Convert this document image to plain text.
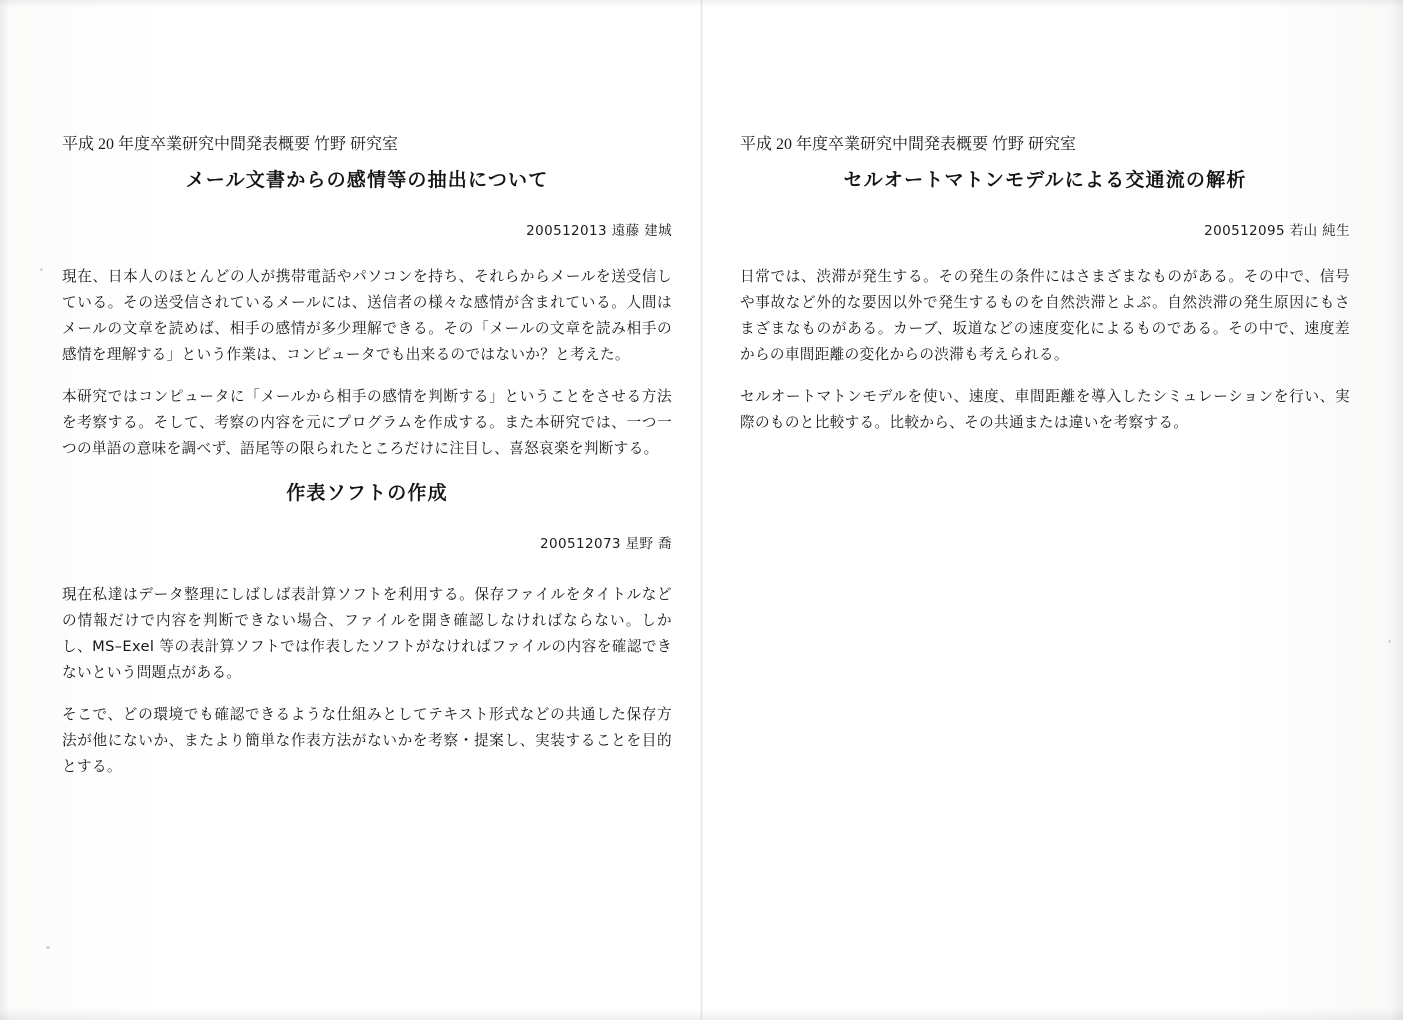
平成 20 年度卒業研究中間発表概要 竹野 研究室
メール文書からの感情等の抽出について
200512013 遠藤 建城

現在、日本人のほとんどの人が携帯電話やパソコンを持ち、それらからメールを送受信している。その送受信されているメールには、送信者の様々な感情が含まれている。人間はメールの文章を読めば、相手の感情が多少理解できる。その「メールの文章を読み相手の感情を理解する」という作業は、コンピュータでも出来るのではないか？と考えた。

本研究ではコンピュータに「メールから相手の感情を判断する」ということをさせる方法を考察する。そして、考察の内容を元にプログラムを作成する。また本研究では、一つ一つの単語の意味を調べず、語尾等の限られたところだけに注目し、喜怒哀楽を判断する。

作表ソフトの作成
200512073 星野 喬

現在私達はデータ整理にしばしば表計算ソフトを利用する。保存ファイルをタイトルなどの情報だけで内容を判断できない場合、ファイルを開き確認しなければならない。しかし、MS–Exel 等の表計算ソフトでは作表したソフトがなければファイルの内容を確認できないという問題点がある。

そこで、どの環境でも確認できるような仕組みとしてテキスト形式などの共通した保存方法が他にないか、またより簡単な作表方法がないかを考察・提案し、実装することを目的とする。

平成 20 年度卒業研究中間発表概要 竹野 研究室
セルオートマトンモデルによる交通流の解析
200512095 若山 純生

日常では、渋滞が発生する。その発生の条件にはさまざまなものがある。その中で、信号や事故など外的な要因以外で発生するものを自然渋滞とよぶ。自然渋滞の発生原因にもさまざまなものがある。カーブ、坂道などの速度変化によるものである。その中で、速度差からの車間距離の変化からの渋滞も考えられる。

セルオートマトンモデルを使い、速度、車間距離を導入したシミュレーションを行い、実際のものと比較する。比較から、その共通または違いを考察する。
